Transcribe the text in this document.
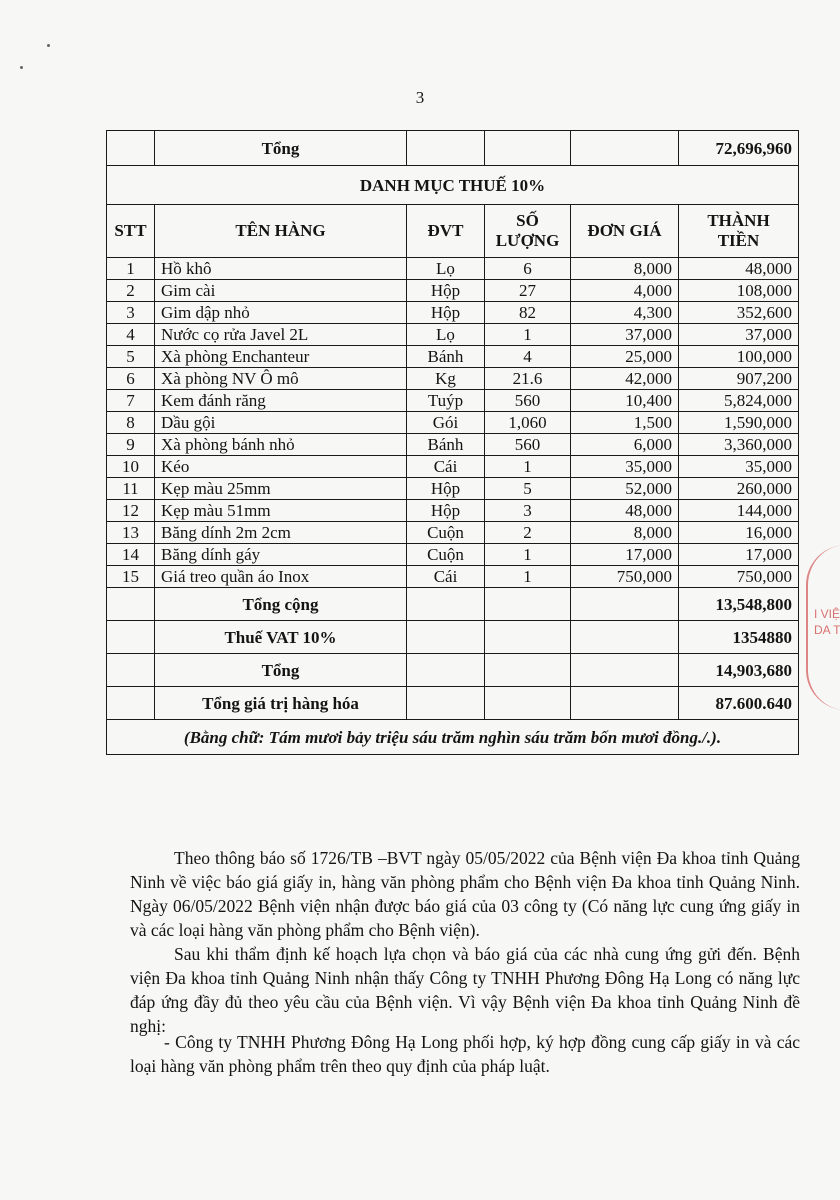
3
	Tổng				72,696,960
DANH MỤC THUẾ 10%					
STT	TÊN HÀNG	ĐVT	SỐ LƯỢNG	ĐƠN GIÁ	THÀNH TIỀN
1	Hồ khô	Lọ	6	8,000	48,000
2	Gim cài	Hộp	27	4,000	108,000
3	Gim dập nhỏ	Hộp	82	4,300	352,600
4	Nước cọ rửa Javel 2L	Lọ	1	37,000	37,000
5	Xà phòng Enchanteur	Bánh	4	25,000	100,000
6	Xà phòng NV Ô mô	Kg	21.6	42,000	907,200
7	Kem đánh răng	Tuýp	560	10,400	5,824,000
8	Dầu gội	Gói	1,060	1,500	1,590,000
9	Xà phòng bánh nhỏ	Bánh	560	6,000	3,360,000
10	Kéo	Cái	1	35,000	35,000
11	Kẹp màu 25mm	Hộp	5	52,000	260,000
12	Kẹp màu 51mm	Hộp	3	48,000	144,000
13	Băng dính 2m 2cm	Cuộn	2	8,000	16,000
14	Băng dính gáy	Cuộn	1	17,000	17,000
15	Giá treo quần áo Inox	Cái	1	750,000	750,000
	Tổng cộng				13,548,800
	Thuế VAT 10%				1354880
	Tổng				14,903,680
	Tổng giá trị hàng hóa				87.600.640
(Bằng chữ: Tám mươi bảy triệu sáu trăm nghìn sáu trăm bốn mươi đồng./.).					
I VIỆ
DA T
Theo thông báo số 1726/TB –BVT ngày 05/05/2022 của Bệnh viện Đa khoa tỉnh Quảng Ninh về việc báo giá giấy in, hàng văn phòng phẩm cho Bệnh viện Đa khoa tỉnh Quảng Ninh. Ngày 06/05/2022 Bệnh viện nhận được báo giá của 03 công ty (Có năng lực cung ứng giấy in và các loại hàng văn phòng phẩm cho Bệnh viện).
Sau khi thẩm định kế hoạch lựa chọn và báo giá của các nhà cung ứng gửi đến. Bệnh viện Đa khoa tỉnh Quảng Ninh nhận thấy Công ty TNHH Phương Đông Hạ Long có năng lực đáp ứng đầy đủ theo yêu cầu của Bệnh viện. Vì vậy Bệnh viện Đa khoa tỉnh Quảng Ninh đề nghị:
- Công ty TNHH Phương Đông Hạ Long phối hợp, ký hợp đồng cung cấp giấy in và các loại hàng văn phòng phẩm trên theo quy định của pháp luật.
